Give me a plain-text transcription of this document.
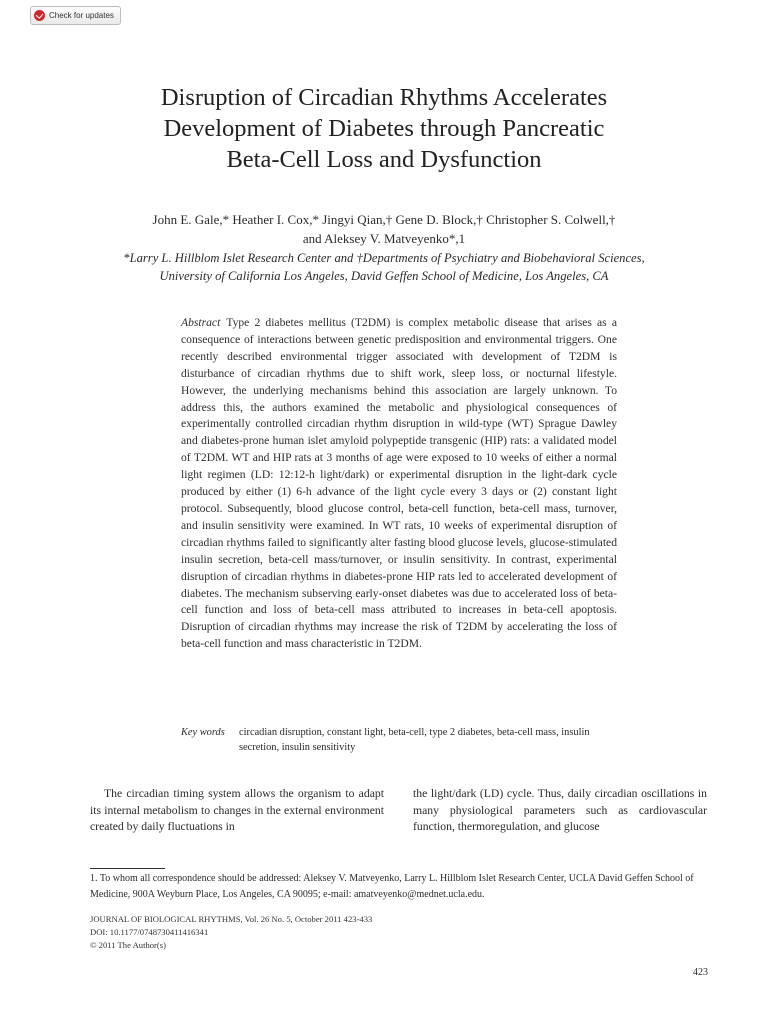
Check for updates
Disruption of Circadian Rhythms Accelerates
Development of Diabetes through Pancreatic
Beta-Cell Loss and Dysfunction
John E. Gale,* Heather I. Cox,* Jingyi Qian,† Gene D. Block,† Christopher S. Colwell,†
and Aleksey V. Matveyenko*,1
*Larry L. Hillblom Islet Research Center and †Departments of Psychiatry and Biobehavioral Sciences,
University of California Los Angeles, David Geffen School of Medicine, Los Angeles, CA
Abstract Type 2 diabetes mellitus (T2DM) is complex metabolic disease that arises as a consequence of interactions between genetic predisposition and environmental triggers. One recently described environmental trigger associated with development of T2DM is disturbance of circadian rhythms due to shift work, sleep loss, or nocturnal lifestyle. However, the underlying mechanisms behind this association are largely unknown. To address this, the authors examined the metabolic and physiological consequences of experimentally controlled circadian rhythm disruption in wild-type (WT) Sprague Dawley and diabetes-prone human islet amyloid polypeptide transgenic (HIP) rats: a validated model of T2DM. WT and HIP rats at 3 months of age were exposed to 10 weeks of either a normal light regimen (LD: 12:12-h light/dark) or experimental disruption in the light-dark cycle produced by either (1) 6-h advance of the light cycle every 3 days or (2) constant light protocol. Subsequently, blood glucose control, beta-cell function, beta-cell mass, turnover, and insulin sensitivity were examined. In WT rats, 10 weeks of experimental disruption of circadian rhythms failed to significantly alter fasting blood glucose levels, glucose-stimulated insulin secretion, beta-cell mass/turnover, or insulin sensitivity. In contrast, experimental disruption of circadian rhythms in diabetes-prone HIP rats led to accelerated development of diabetes. The mechanism subserving early-onset diabetes was due to accelerated loss of beta-cell function and loss of beta-cell mass attributed to increases in beta-cell apoptosis. Disruption of circadian rhythms may increase the risk of T2DM by accelerating the loss of beta-cell function and mass characteristic in T2DM.
Key words	circadian disruption, constant light, beta-cell, type 2 diabetes, beta-cell mass, insulin secretion, insulin sensitivity
The circadian timing system allows the organism to adapt its internal metabolism to changes in the external environment created by daily fluctuations in
the light/dark (LD) cycle. Thus, daily circadian oscillations in many physiological parameters such as cardiovascular function, thermoregulation, and glucose
1. To whom all correspondence should be addressed: Aleksey V. Matveyenko, Larry L. Hillblom Islet Research Center, UCLA David Geffen School of Medicine, 900A Weyburn Place, Los Angeles, CA 90095; e-mail: amatveyenko@mednet.ucla.edu.
JOURNAL OF BIOLOGICAL RHYTHMS, Vol. 26 No. 5, October 2011 423-433
DOI: 10.1177/0748730411416341
© 2011 The Author(s)
423
